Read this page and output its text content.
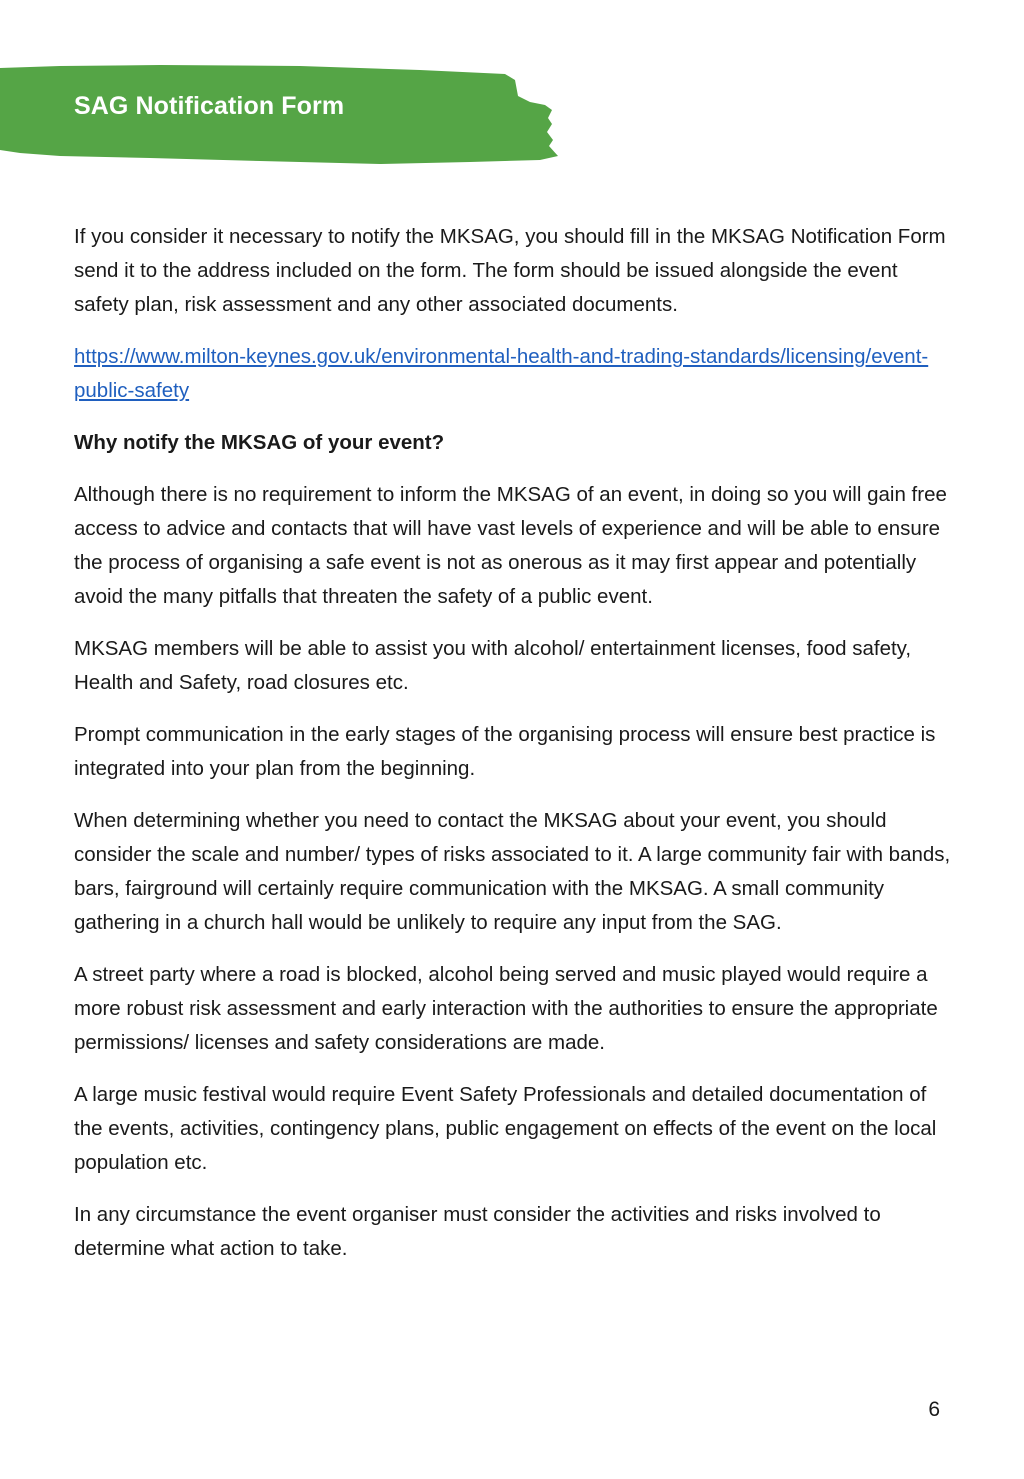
SAG Notification Form

If you consider it necessary to notify the MKSAG, you should fill in the MKSAG Notification Form send it to the address included on the form. The form should be issued alongside the event safety plan, risk assessment and any other associated documents.

https://www.milton-keynes.gov.uk/environmental-health-and-trading-standards/licensing/event-public-safety

Why notify the MKSAG of your event?

Although there is no requirement to inform the MKSAG of an event, in doing so you will gain free access to advice and contacts that will have vast levels of experience and will be able to ensure the process of organising a safe event is not as onerous as it may first appear and potentially avoid the many pitfalls that threaten the safety of a public event.

MKSAG members will be able to assist you with alcohol/ entertainment licenses, food safety, Health and Safety, road closures etc.

Prompt communication in the early stages of the organising process will ensure best practice is integrated into your plan from the beginning.

When determining whether you need to contact the MKSAG about your event, you should consider the scale and number/ types of risks associated to it. A large community fair with bands, bars, fairground will certainly require communication with the MKSAG. A small community gathering in a church hall would be unlikely to require any input from the SAG.

A street party where a road is blocked, alcohol being served and music played would require a more robust risk assessment and early interaction with the authorities to ensure the appropriate permissions/ licenses and safety considerations are made.

A large music festival would require Event Safety Professionals and detailed documentation of the events, activities, contingency plans, public engagement on effects of the event on the local population etc.

In any circumstance the event organiser must consider the activities and risks involved to determine what action to take.

6
